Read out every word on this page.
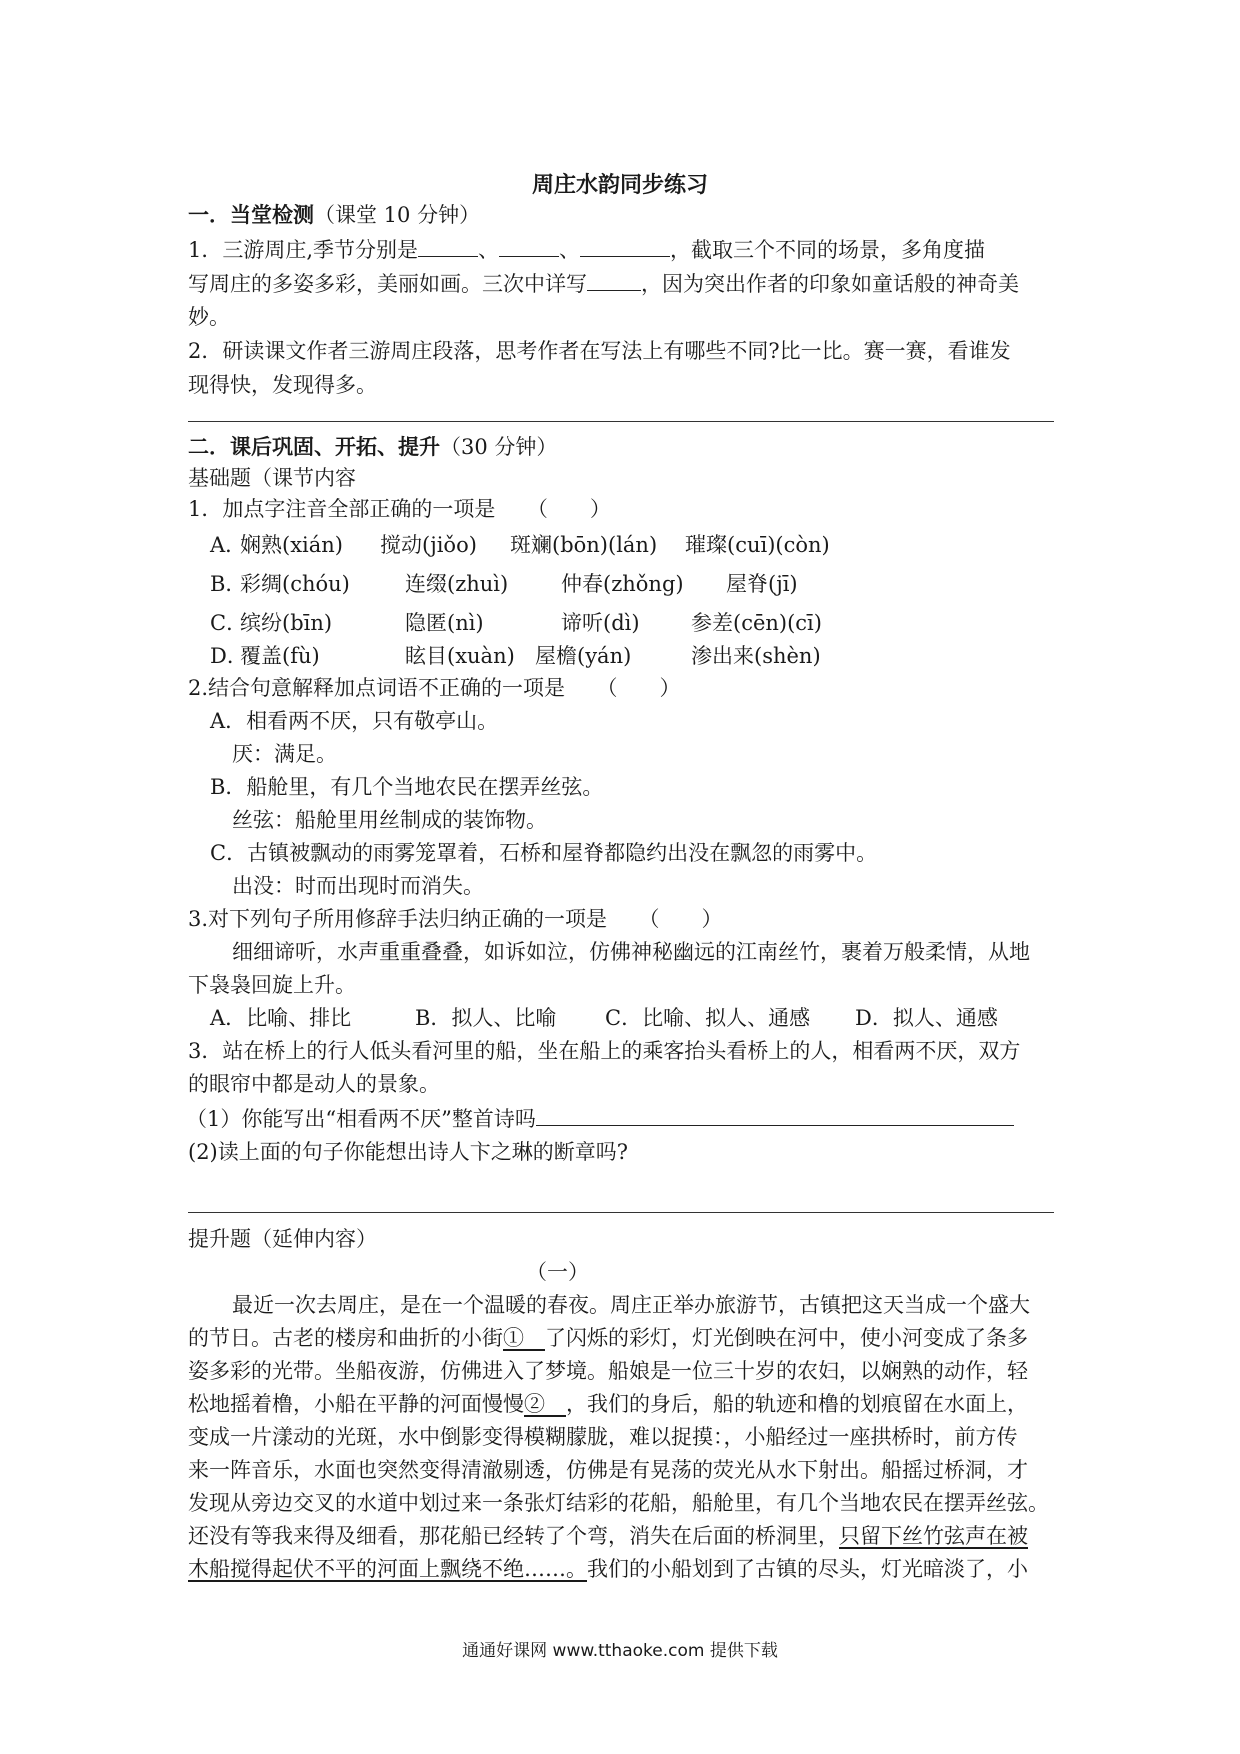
周庄水韵同步练习
一．当堂检测（课堂 10 分钟）
1．三游周庄,季节分别是	、	、	，截取三个不同的场景，多角度描
写周庄的多姿多彩，美丽如画。三次中详写	，因为突出作者的印象如童话般的神奇美
妙。
2．研读课文作者三游周庄段落，思考作者在写法上有哪些不同?比一比。赛一赛，看谁发
现得快，发现得多。
二．课后巩固、开拓、提升（30 分钟）
基础题（课节内容
1．加点字注音全部正确的一项是　　（　　）
A．娴熟(xián) 搅动(jiǒo) 斑斓(bōn)(lán) 璀璨(cuī)(còn)
B．彩绸(chóu)	连缀(zhuì)	仲春(zhǒng) 屋脊(jī)
C．缤纷(bīn)	隐匿(nì)	谛听(dì) 参差(cēn)(cī)
D．覆盖(fù)	眩目(xuàn) 屋檐(yán)	渗出来(shèn)
2.结合句意解释加点词语不正确的一项是　　（　　）
A．相看两不厌，只有敬亭山。
厌：满足。
B．船舱里，有几个当地农民在摆弄丝弦。
丝弦：船舱里用丝制成的装饰物。
C．古镇被飘动的雨雾笼罩着，石桥和屋脊都隐约出没在飘忽的雨雾中。
出没：时而出现时而消失。
3.对下列句子所用修辞手法归纳正确的一项是　　（　　）
细细谛听，水声重重叠叠，如诉如泣，仿佛神秘幽远的江南丝竹，裹着万般柔情，从地
下袅袅回旋上升。
A．比喻、排比	B．拟人、比喻 C．比喻、拟人、通感 D．拟人、通感
3．站在桥上的行人低头看河里的船，坐在船上的乘客抬头看桥上的人，相看两不厌，双方
的眼帘中都是动人的景象。
（1）你能写出“相看两不厌”整首诗吗
(2)读上面的句子你能想出诗人卞之琳的断章吗?
提升题（延伸内容）
（一）
最近一次去周庄，是在一个温暖的春夜。周庄正举办旅游节，古镇把这天当成一个盛大
的节日。古老的楼房和曲折的小街①　了闪烁的彩灯，灯光倒映在河中，使小河变成了条多
姿多彩的光带。坐船夜游，仿佛进入了梦境。船娘是一位三十岁的农妇，以娴熟的动作，轻
松地摇着橹，小船在平静的河面慢慢②　，我们的身后，船的轨迹和橹的划痕留在水面上，
变成一片漾动的光斑，水中倒影变得模糊朦胧，难以捉摸：，小船经过一座拱桥时，前方传
来一阵音乐，水面也突然变得清澈剔透，仿佛是有晃荡的荧光从水下射出。船摇过桥洞，才
发现从旁边交叉的水道中划过来一条张灯结彩的花船，船舱里，有几个当地农民在摆弄丝弦。
还没有等我来得及细看，那花船已经转了个弯，消失在后面的桥洞里，只留下丝竹弦声在被
木船搅得起伏不平的河面上飘绕不绝……。我们的小船划到了古镇的尽头，灯光暗淡了，小
通通好课网 www.tthaoke.com 提供下载
